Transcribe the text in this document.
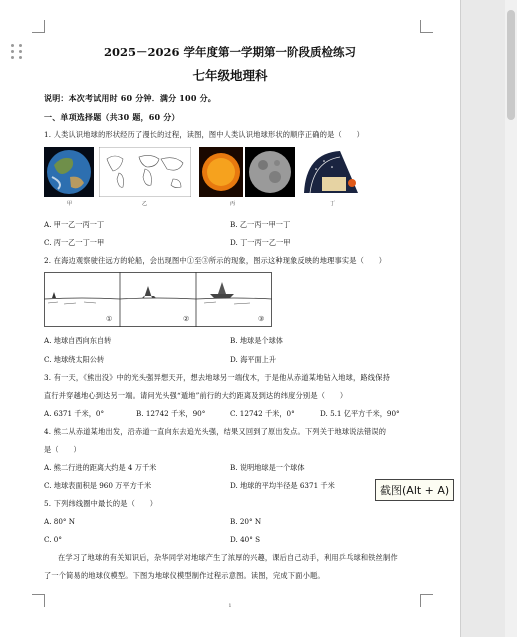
2025－2026 学年度第一学期第一阶段质检练习
七年级地理科
说明：本次考试用时 60 分钟．满分 100 分。
一、单项选择题（共30 题，60 分）
1. 人类认识地球的形状经历了漫长的过程，读图，图中人类认识地球形状的顺序正确的是（　　）
甲	乙	丙	丁
A. 甲一乙一丙一丁	B. 乙一丙一甲一丁
C. 丙一乙一丁一甲	D. 丁一丙一乙一甲
2. 在海边观察驶往远方的轮船，会出现图中①至③所示的现象，图示这种现象反映的地理事实是（　　）
①	②	③
A. 地球自西向东自转	B. 地球是个球体
C. 地球绕太阳公转	D. 海平面上升
3. 有一天，《熊出没》中的光头强异想天开，想去地球另一端伐木，于是他从赤道某地钻入地球，路线保持
直行并穿越地心到达另一端。请问光头强“遁地”前行的大约距离及到达的纬度分别是（　　）
A. 6371 千米，0°	B. 12742 千米，90°	C. 12742 千米，0°	D. 5.1 亿平方千米，90°
4. 熊二从赤道某地出发，沿赤道一直向东去追光头强，结果又回到了原出发点。下列关于地球说法错误的
是（　　）
A. 熊二行进的距离大约是 4 万千米	B. 说明地球是一个球体
C. 地球表面积是 960 万平方千米	D. 地球的平均半径是 6371 千米
5. 下列纬线圈中最长的是（　　）
A. 80° N	B. 20° N
C. 0°	D. 40° S
在学习了地球的有关知识后，杂华同学对地球产生了浓厚的兴趣，课后自己动手，利用乒乓球和铁丝制作
了一个简易的地球仪模型。下图为地球仪模型制作过程示意图。读图，完成下面小题。
1
截图(Alt + A)
